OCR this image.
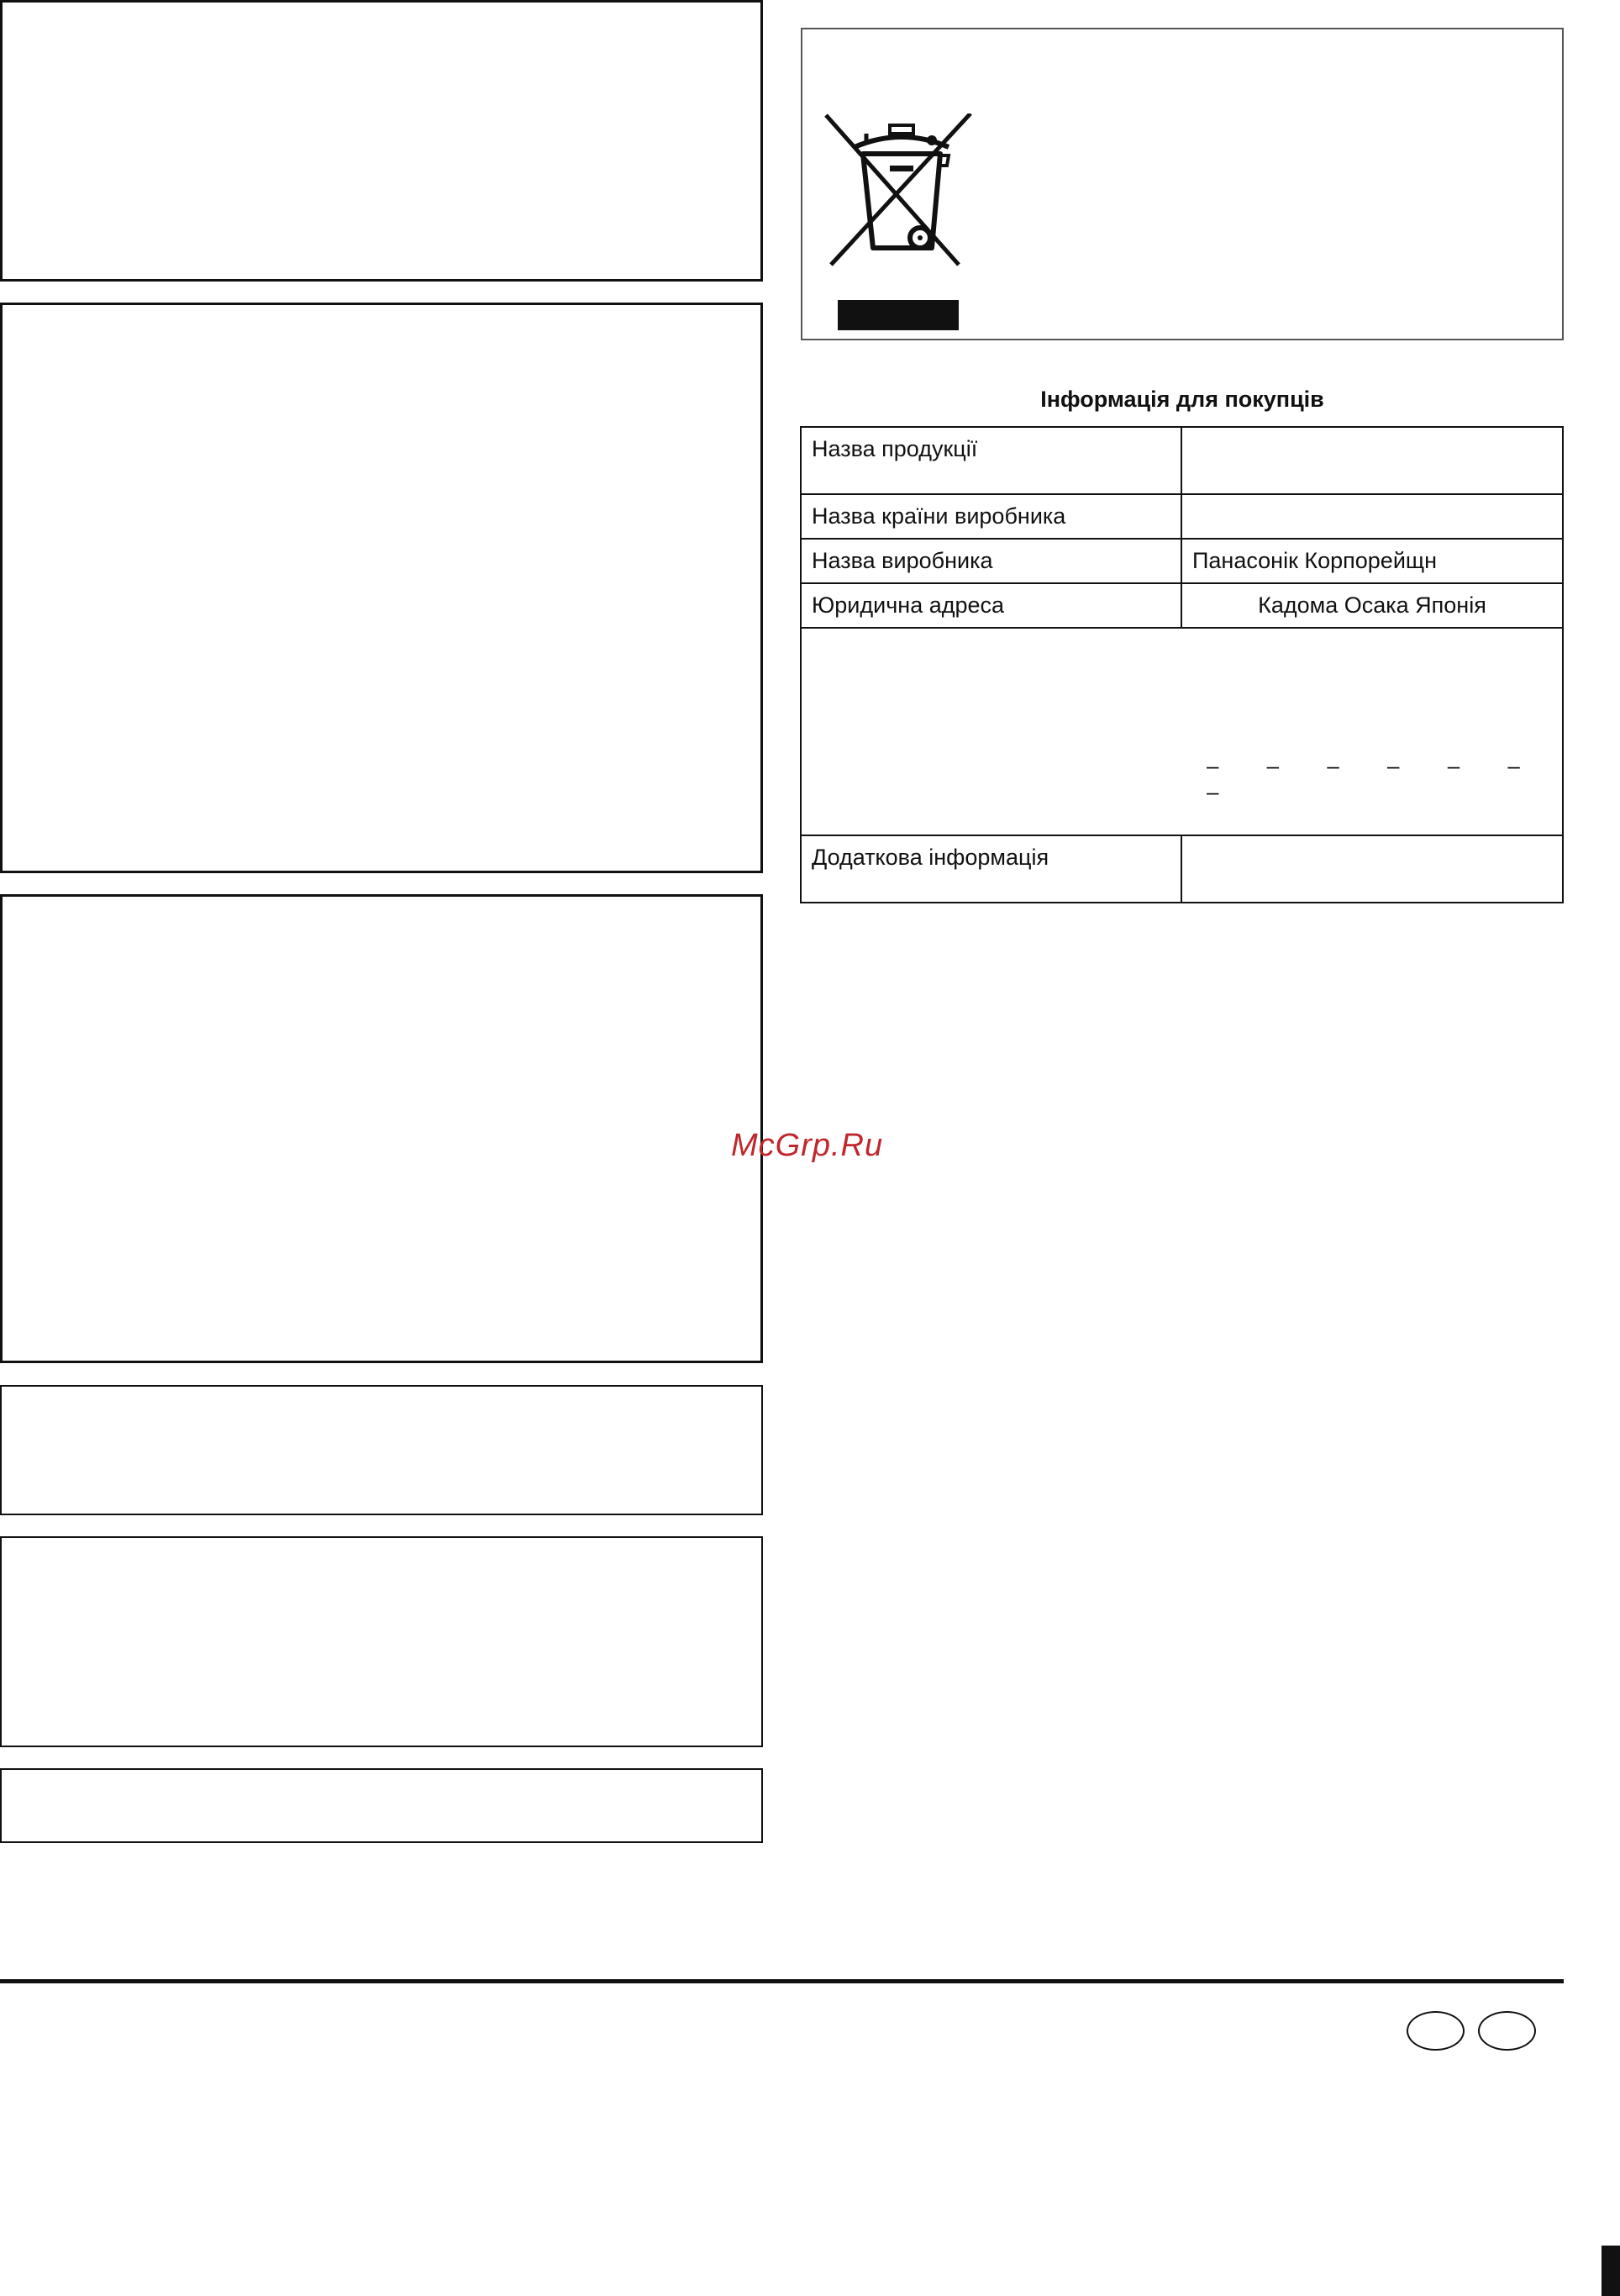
Інформація для покупців
Назва продукції	
Назва країни виробника	
Назва виробника	Панасонік Корпорейщн
Юридична адреса	Кадома Осака Японія

– – – – – – –	

Додаткова інформація	
McGrp.Ru
